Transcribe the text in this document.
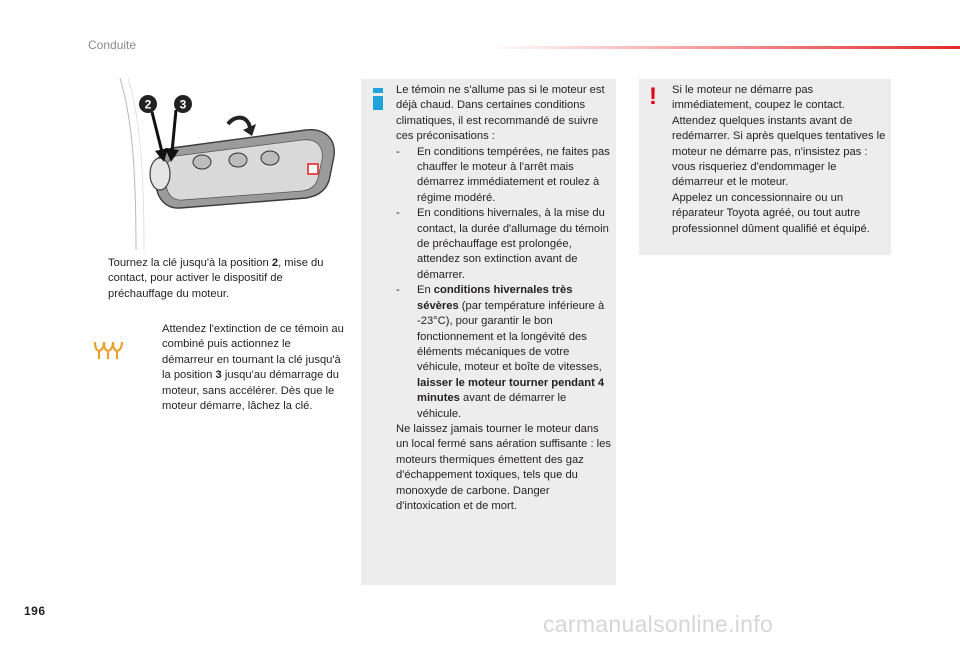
Conduite
2 3
Tournez la clé jusqu'à la position 2, mise du contact, pour activer le dispositif de préchauffage du moteur.
Attendez l'extinction de ce témoin au combiné puis actionnez le démarreur en tournant la clé jusqu'à la position 3 jusqu'au démarrage du moteur, sans accélérer. Dès que le moteur démarre, lâchez la clé.
Le témoin ne s'allume pas si le moteur est déjà chaud. Dans certaines conditions climatiques, il est recommandé de suivre ces préconisations :
- En conditions tempérées, ne faites pas chauffer le moteur à l'arrêt mais démarrez immédiatement et roulez à régime modéré.
- En conditions hivernales, à la mise du contact, la durée d'allumage du témoin de préchauffage est prolongée, attendez son extinction avant de démarrer.
- En conditions hivernales très sévères (par température inférieure à -23°C), pour garantir le bon fonctionnement et la longévité des éléments mécaniques de votre véhicule, moteur et boîte de vitesses, laisser le moteur tourner pendant 4 minutes avant de démarrer le véhicule.
Ne laissez jamais tourner le moteur dans un local fermé sans aération suffisante : les moteurs thermiques émettent des gaz d'échappement toxiques, tels que du monoxyde de carbone. Danger d'intoxication et de mort.
! Si le moteur ne démarre pas immédiatement, coupez le contact. Attendez quelques instants avant de redémarrer. Si après quelques tentatives le moteur ne démarre pas, n'insistez pas : vous risqueriez d'endommager le démarreur et le moteur.
Appelez un concessionnaire ou un réparateur Toyota agréé, ou tout autre professionnel dûment qualifié et équipé.
196	carmanualsonline.info
